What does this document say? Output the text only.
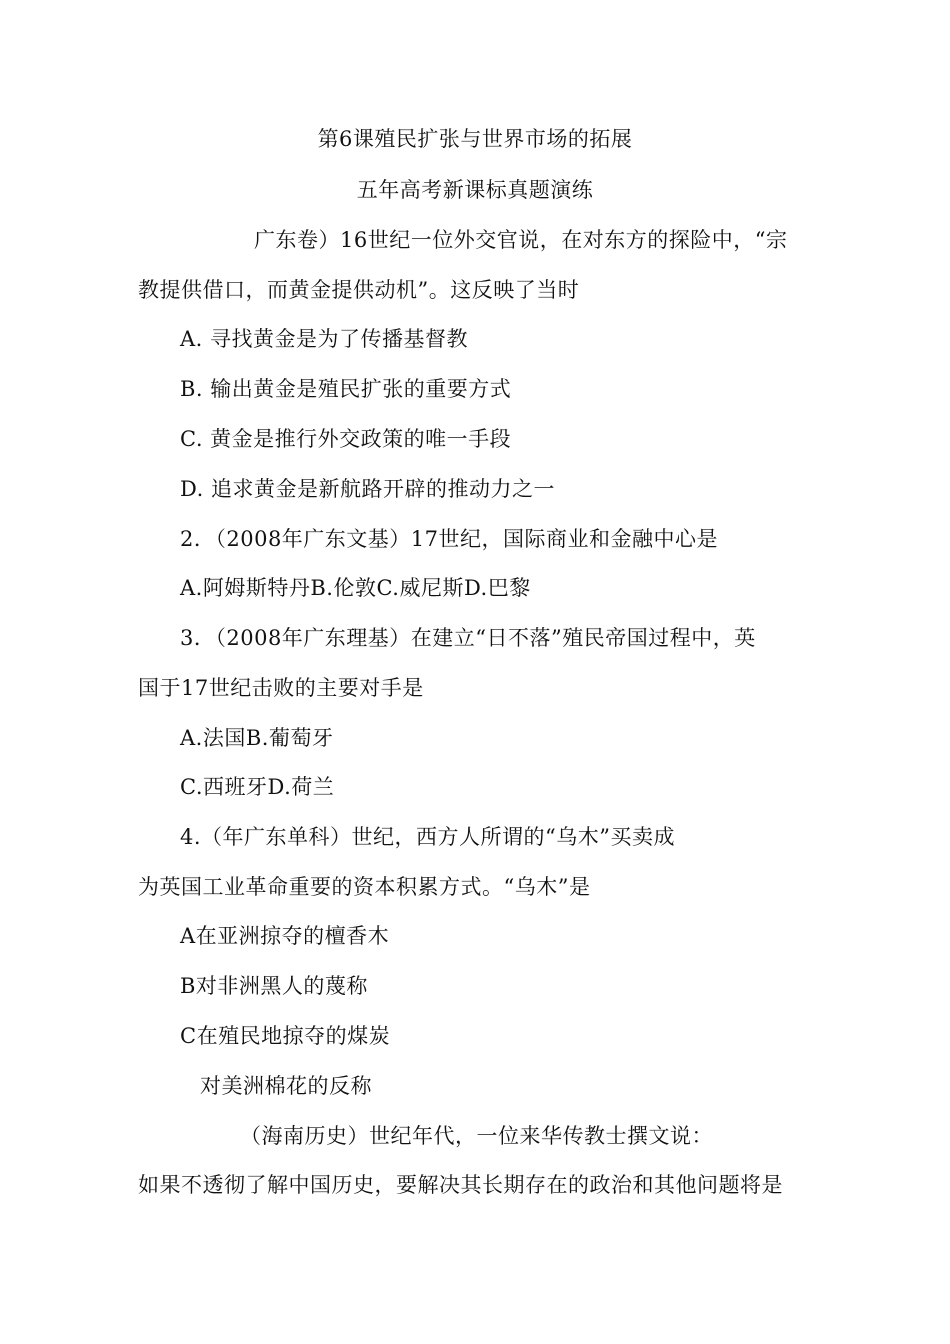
第6课殖民扩张与世界市场的拓展
五年高考新课标真题演练
广东卷）16世纪一位外交官说，在对东方的探险中，“宗
教提供借口，而黄金提供动机”。这反映了当时
A. 寻找黄金是为了传播基督教
B. 输出黄金是殖民扩张的重要方式
C. 黄金是推行外交政策的唯一手段
D. 追求黄金是新航路开辟的推动力之一
2．（2008年广东文基）17世纪，国际商业和金融中心是
A.阿姆斯特丹B.伦敦C.威尼斯D.巴黎
3．（2008年广东理基）在建立“日不落”殖民帝国过程中，英
国于17世纪击败的主要对手是
A.法国B.葡萄牙
C.西班牙D.荷兰
4.（年广东单科）世纪，西方人所谓的“乌木”买卖成
为英国工业革命重要的资本积累方式。“乌木”是
A在亚洲掠夺的檀香木
B对非洲黑人的蔑称
C在殖民地掠夺的煤炭
对美洲棉花的反称
（海南历史）世纪年代，一位来华传教士撰文说：
如果不透彻了解中国历史，要解决其长期存在的政治和其他问题将是
